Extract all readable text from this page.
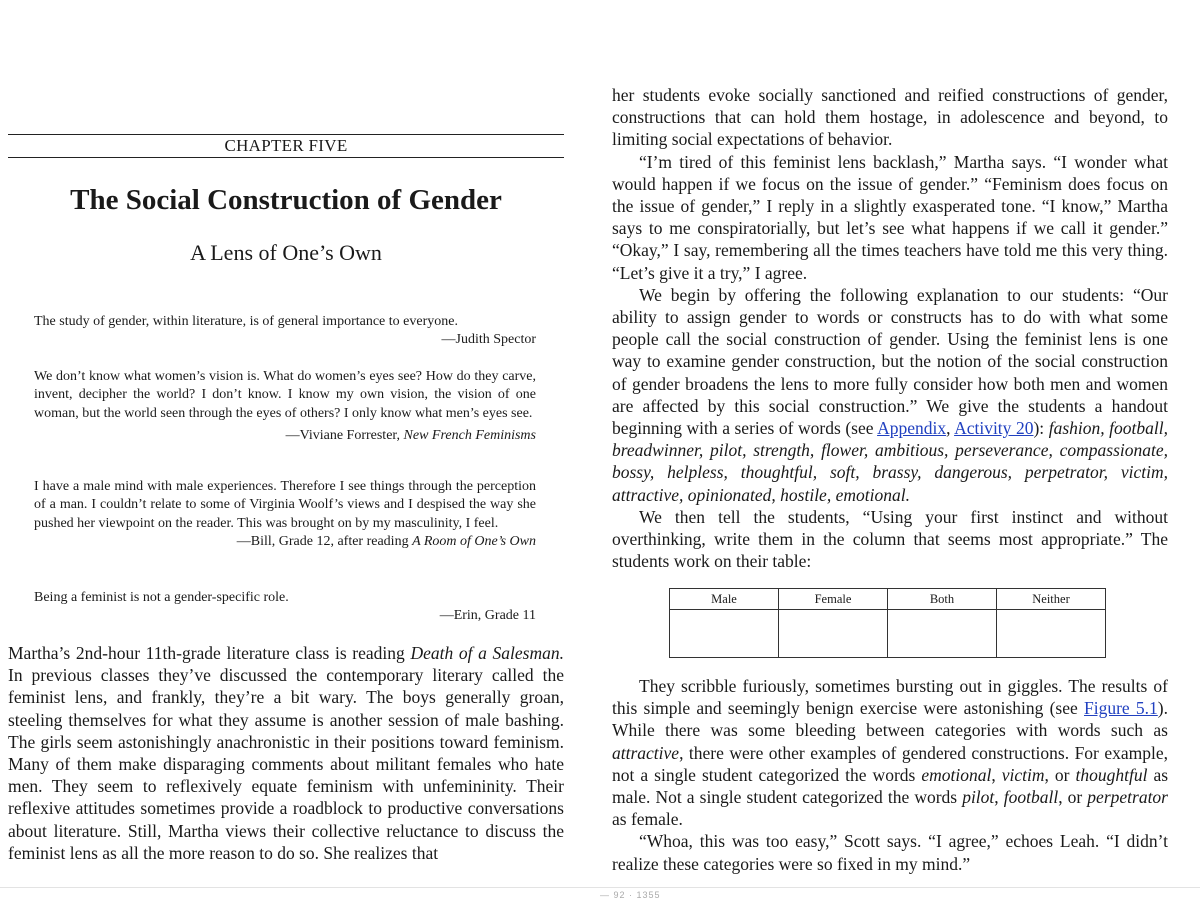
CHAPTER FIVE
The Social Construction of Gender
A Lens of One’s Own
The study of gender, within literature, is of general importance to everyone.
—Judith Spector
We don’t know what women’s vision is. What do women’s eyes see? How do they carve, invent, decipher the world? I don’t know. I know my own vision, the vision of one woman, but the world seen through the eyes of others? I only know what men’s eyes see.
—Viviane Forrester, New French Feminisms
I have a male mind with male experiences. Therefore I see things through the perception of a man. I couldn’t relate to some of Virginia Woolf’s views and I despised the way she pushed her viewpoint on the reader. This was brought on by my masculinity, I feel.
—Bill, Grade 12, after reading A Room of One’s Own
Being a feminist is not a gender-specific role.
—Erin, Grade 11

Martha’s 2nd-hour 11th-grade literature class is reading Death of a Salesman. In previous classes they’ve discussed the contemporary literary called the feminist lens, and frankly, they’re a bit wary. The boys generally groan, steeling themselves for what they assume is another session of male bashing. The girls seem astonishingly anachronistic in their positions toward feminism. Many of them make disparaging comments about militant females who hate men. They seem to reflexively equate feminism with unfemininity. Their reflexive attitudes sometimes provide a roadblock to productive conversations about literature. Still, Martha views their collective reluctance to discuss the feminist lens as all the more reason to do so. She realizes that

her students evoke socially sanctioned and reified constructions of gender, constructions that can hold them hostage, in adolescence and beyond, to limiting social expectations of behavior.

“I’m tired of this feminist lens backlash,” Martha says. “I wonder what would happen if we focus on the issue of gender.” “Feminism does focus on the issue of gender,” I reply in a slightly exasperated tone. “I know,” Martha says to me conspiratorially, but let’s see what happens if we call it gender.” “Okay,” I say, remembering all the times teachers have told me this very thing. “Let’s give it a try,” I agree.

We begin by offering the following explanation to our students: “Our ability to assign gender to words or constructs has to do with what some people call the social construction of gender. Using the feminist lens is one way to examine gender construction, but the notion of the social construction of gender broadens the lens to more fully consider how both men and women are affected by this social construction.” We give the students a handout beginning with a series of words (see Appendix, Activity 20): fashion, football, breadwinner, pilot, strength, flower, ambitious, perseverance, compassionate, bossy, helpless, thoughtful, soft, brassy, dangerous, perpetrator, victim, attractive, opinionated, hostile, emotional.

We then tell the students, “Using your first instinct and without overthinking, write them in the column that seems most appropriate.” The students work on their table:

Male	Female	Both	Neither

They scribble furiously, sometimes bursting out in giggles. The results of this simple and seemingly benign exercise were astonishing (see Figure 5.1). While there was some bleeding between categories with words such as attractive, there were other examples of gendered constructions. For example, not a single student categorized the words emotional, victim, or thoughtful as male. Not a single student categorized the words pilot, football, or perpetrator as female.

“Whoa, this was too easy,” Scott says. “I agree,” echoes Leah. “I didn’t realize these categories were so fixed in my mind.”

— 92 · 1355
